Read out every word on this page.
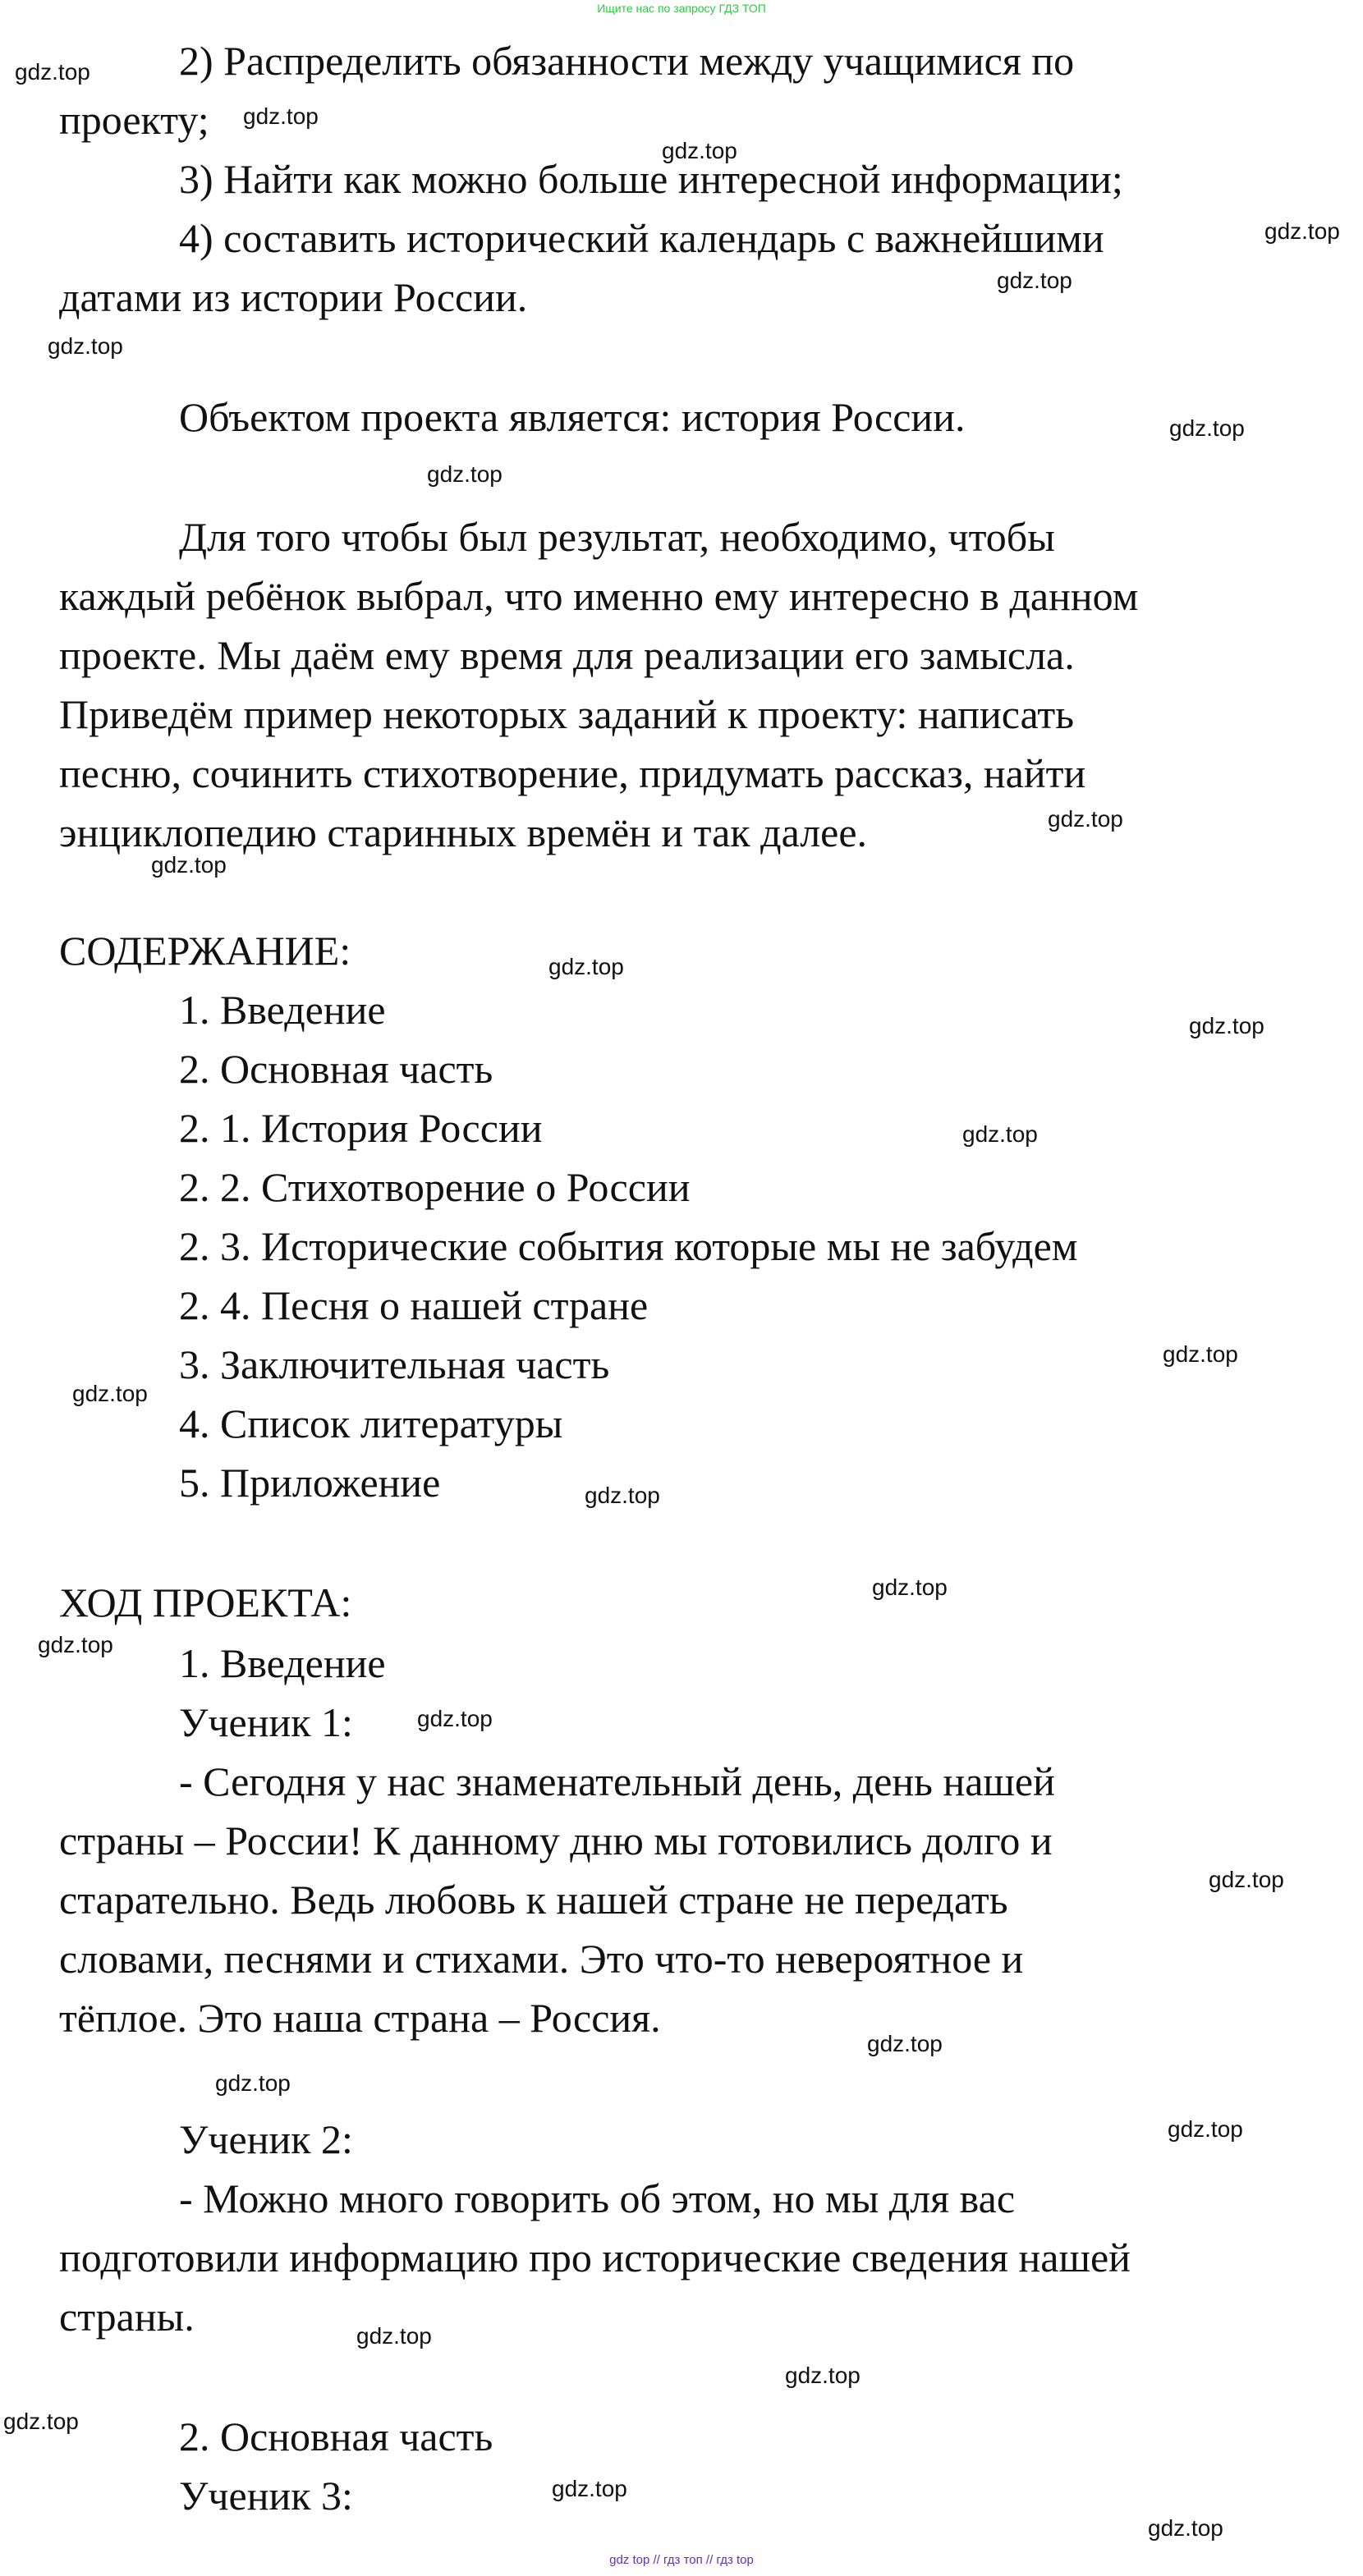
Ищите нас по запросу ГДЗ ТОП
2) Распределить обязанности между учащимися по
проекту;
3) Найти как можно больше интересной информации;
4) составить исторический календарь с важнейшими
датами из истории России.
Объектом проекта является: история России.
Для того чтобы был результат, необходимо, чтобы
каждый ребёнок выбрал, что именно ему интересно в данном
проекте. Мы даём ему время для реализации его замысла.
Приведём пример некоторых заданий к проекту: написать
песню, сочинить стихотворение, придумать рассказ, найти
энциклопедию старинных времён и так далее.
СОДЕРЖАНИЕ:
1. Введение
2. Основная часть
2. 1. История России
2. 2. Стихотворение о России
2. 3. Исторические события которые мы не забудем
2. 4. Песня о нашей стране
3. Заключительная часть
4. Список литературы
5. Приложение
ХОД ПРОЕКТА:
1. Введение
Ученик 1:
- Сегодня у нас знаменательный день, день нашей
страны – России! К данному дню мы готовились долго и
старательно. Ведь любовь к нашей стране не передать
словами, песнями и стихами. Это что-то невероятное и
тёплое. Это наша страна – Россия.
Ученик 2:
- Можно много говорить об этом, но мы для вас
подготовили информацию про исторические сведения нашей
страны.
2. Основная часть
Ученик 3:
gdz.top
gdz.top
gdz.top
gdz.top
gdz.top
gdz.top
gdz.top
gdz.top
gdz.top
gdz.top
gdz.top
gdz.top
gdz.top
gdz.top
gdz.top
gdz.top
gdz.top
gdz.top
gdz.top
gdz.top
gdz.top
gdz.top
gdz.top
gdz.top
gdz.top
gdz.top
gdz.top
gdz.top
gdz top // гдз топ // гдз top
